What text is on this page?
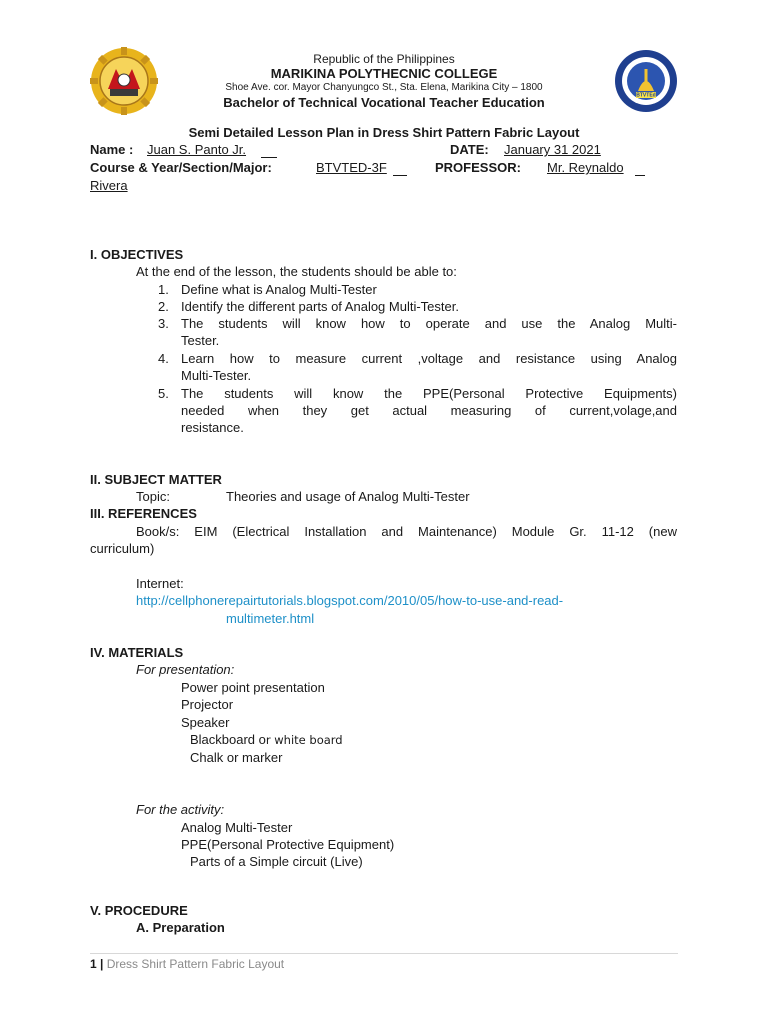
BTVTEd
Republic of the Philippines
MARIKINA POLYTHECNIC COLLEGE
Shoe Ave. cor. Mayor Chanyungco St., Sta. Elena, Marikina City – 1800
Bachelor of Technical Vocational Teacher Education
Semi Detailed Lesson Plan in Dress Shirt Pattern Fabric Layout
Name : Juan S. Panto Jr.	DATE: January 31 2021
Course & Year/Section/Major:	BTVTED-3F	PROFESSOR: Mr. Reynaldo
Rivera
I. OBJECTIVES
At the end of the lesson, the students should be able to:
1. Define what is Analog Multi-Tester
2. Identify the different parts of Analog Multi-Tester.
3. The students will know how to operate and use the Analog Multi-
Tester.
4. Learn how to measure current ,voltage and resistance using Analog
Multi-Tester.
5. The students will know the PPE(Personal Protective Equipments)
needed when they get actual measuring of current,volage,and
resistance.
II. SUBJECT MATTER
Topic:	Theories and usage of Analog Multi-Tester
III. REFERENCES
Book/s: EIM (Electrical Installation and Maintenance) Module Gr. 11-12 (new
curriculum)
Internet:
http://cellphonerepairtutorials.blogspot.com/2010/05/how-to-use-and-read-
multimeter.html
IV. MATERIALS
For presentation:
Power point presentation
Projector
Speaker
Blackboard or white board
Chalk or marker
For the activity:
Analog Multi-Tester
PPE(Personal Protective Equipment)
Parts of a Simple circuit (Live)
V. PROCEDURE
A. Preparation
1 | Dress Shirt Pattern Fabric Layout
